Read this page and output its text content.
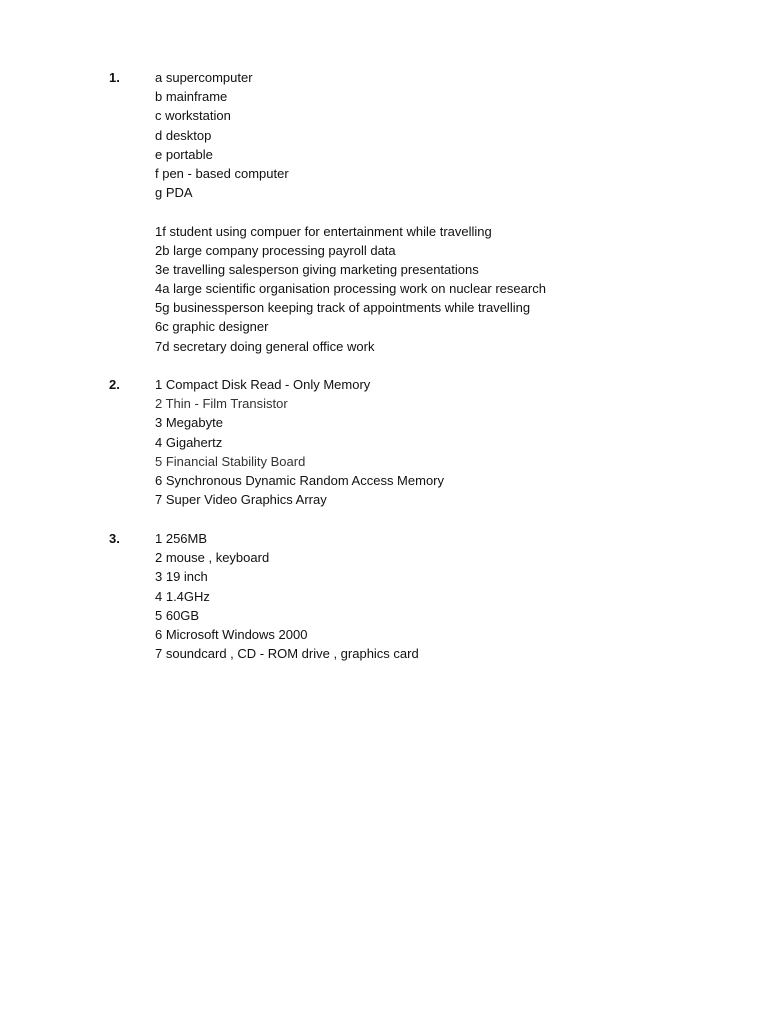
1.	a supercomputer
b mainframe
c workstation
d desktop
e portable
f pen - based computer
g PDA
1f student using compuer for entertainment while travelling
2b large company processing payroll data
3e travelling salesperson giving marketing presentations
4a large scientific organisation processing work on nuclear research
5g businessperson keeping track of appointments while travelling
6c graphic designer
7d secretary doing general office work
2.	1 Compact Disk Read - Only Memory
2 Thin - Film Transistor
3 Megabyte
4 Gigahertz
5 Financial Stability Board
6 Synchronous Dynamic Random Access Memory
7 Super Video Graphics Array
3.	1 256MB
2 mouse , keyboard
3 19 inch
4 1.4GHz
5 60GB
6 Microsoft Windows 2000
7 soundcard , CD - ROM drive , graphics card
